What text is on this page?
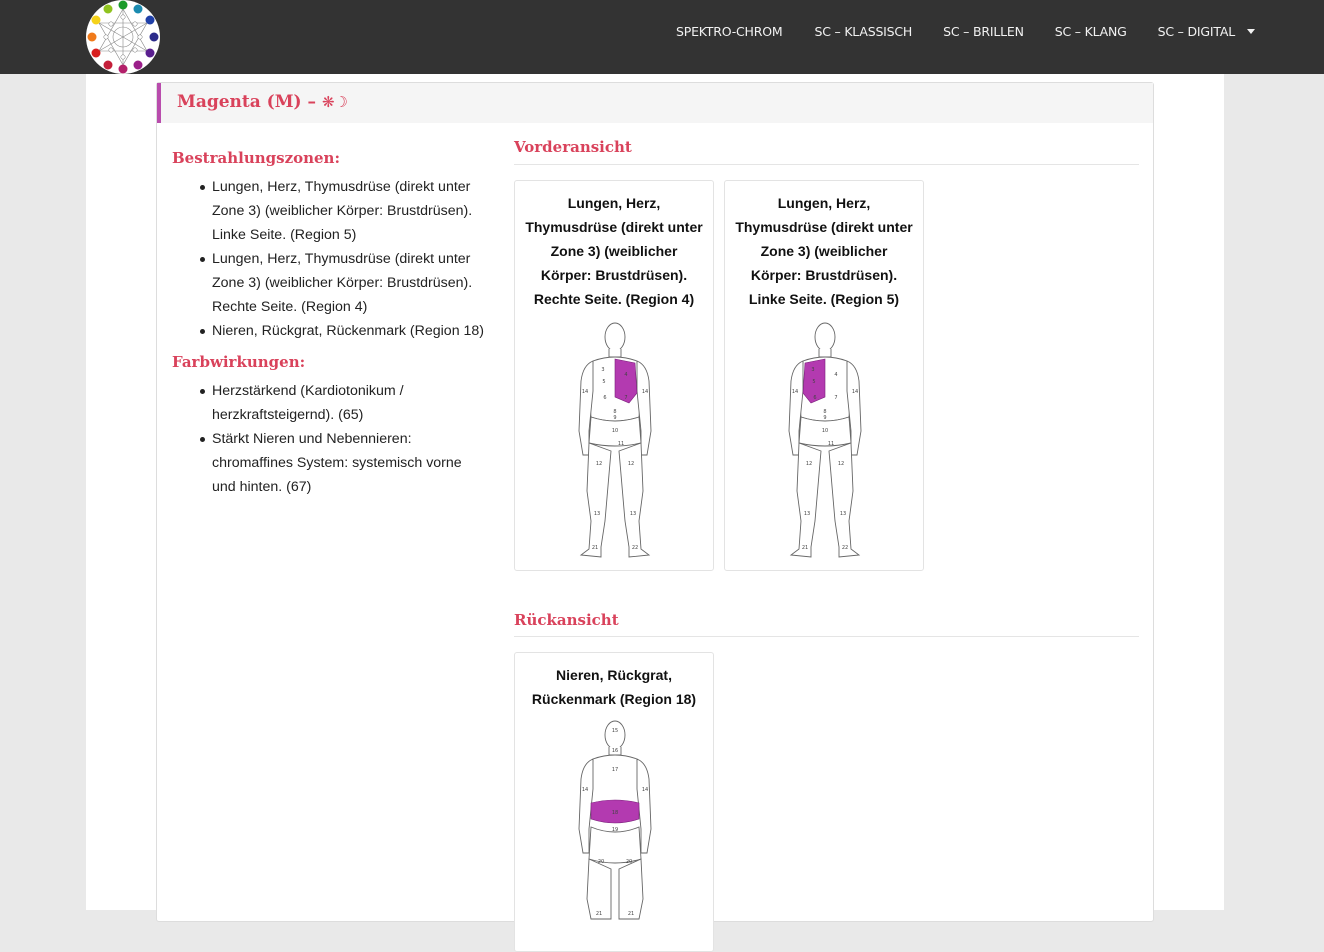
SPEKTRO-CHROM	SC – KLASSISCH SC – BRILLEN SC – KLANG SC – DIGITAL
Magenta (M) – ❋☽
Bestrahlungszonen:
Lungen, Herz, Thymusdrüse (direkt unter
Zone 3) (weiblicher Körper: Brustdrüsen).
Linke Seite. (Region 5)
Lungen, Herz, Thymusdrüse (direkt unter
Zone 3) (weiblicher Körper: Brustdrüsen).
Rechte Seite. (Region 4)
Nieren, Rückgrat, Rückenmark (Region 18)
Farbwirkungen:
Herzstärkend (Kardiotonikum /
herzkraftsteigernd). (65)
Stärkt Nieren und Nebennieren:
chromaffines System: systemisch vorne
und hinten. (67)
Vorderansicht
Lungen, Herz,
Thymusdrüse (direkt unter
Zone 3) (weiblicher
Körper: Brustdrüsen).
Rechte Seite. (Region 4)
3
4
5
6	7
8
9
10
11
12	12
13	13
14	14
21	22
Lungen, Herz,
Thymusdrüse (direkt unter
Zone 3) (weiblicher
Körper: Brustdrüsen).
Linke Seite. (Region 5)
3
4
5
6	7
8
9
10
11
12	12
13	13
14	14
21	22
Rückansicht
Nieren, Rückgrat,
Rückenmark (Region 18)
15
16
17
14	14
18
19
20	20
21	21
